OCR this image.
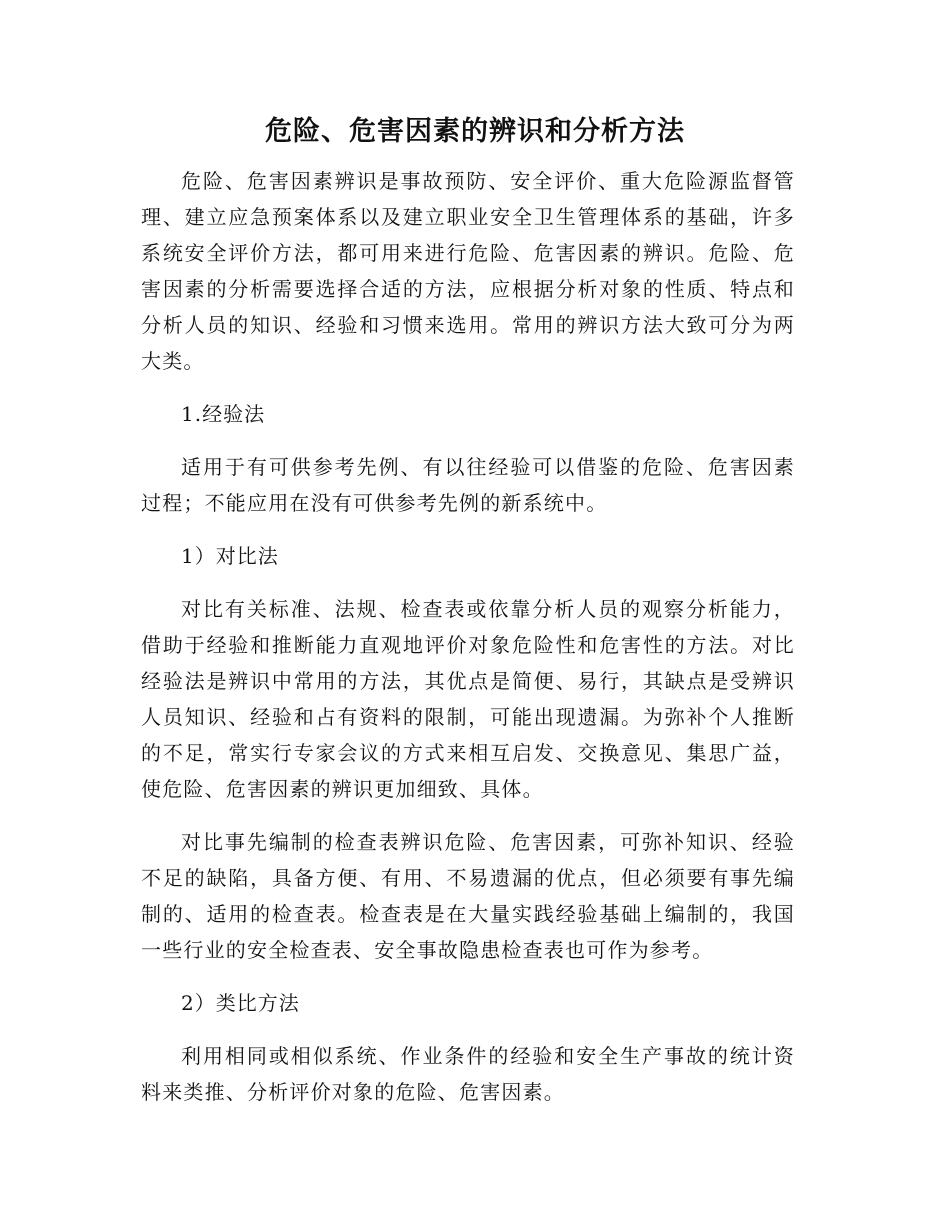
危险、危害因素的辨识和分析方法

危险、危害因素辨识是事故预防、安全评价、重大危险源监督管理、建立应急预案体系以及建立职业安全卫生管理体系的基础，许多系统安全评价方法，都可用来进行危险、危害因素的辨识。危险、危害因素的分析需要选择合适的方法，应根据分析对象的性质、特点和分析人员的知识、经验和习惯来选用。常用的辨识方法大致可分为两大类。

1.经验法

适用于有可供参考先例、有以往经验可以借鉴的危险、危害因素过程；不能应用在没有可供参考先例的新系统中。

1）对比法

对比有关标准、法规、检查表或依靠分析人员的观察分析能力，借助于经验和推断能力直观地评价对象危险性和危害性的方法。对比经验法是辨识中常用的方法，其优点是简便、易行，其缺点是受辨识人员知识、经验和占有资料的限制，可能出现遗漏。为弥补个人推断的不足，常实行专家会议的方式来相互启发、交换意见、集思广益，使危险、危害因素的辨识更加细致、具体。

对比事先编制的检查表辨识危险、危害因素，可弥补知识、经验不足的缺陷，具备方便、有用、不易遗漏的优点，但必须要有事先编制的、适用的检查表。检查表是在大量实践经验基础上编制的，我国一些行业的安全检查表、安全事故隐患检查表也可作为参考。

2）类比方法

利用相同或相似系统、作业条件的经验和安全生产事故的统计资料来类推、分析评价对象的危险、危害因素。
